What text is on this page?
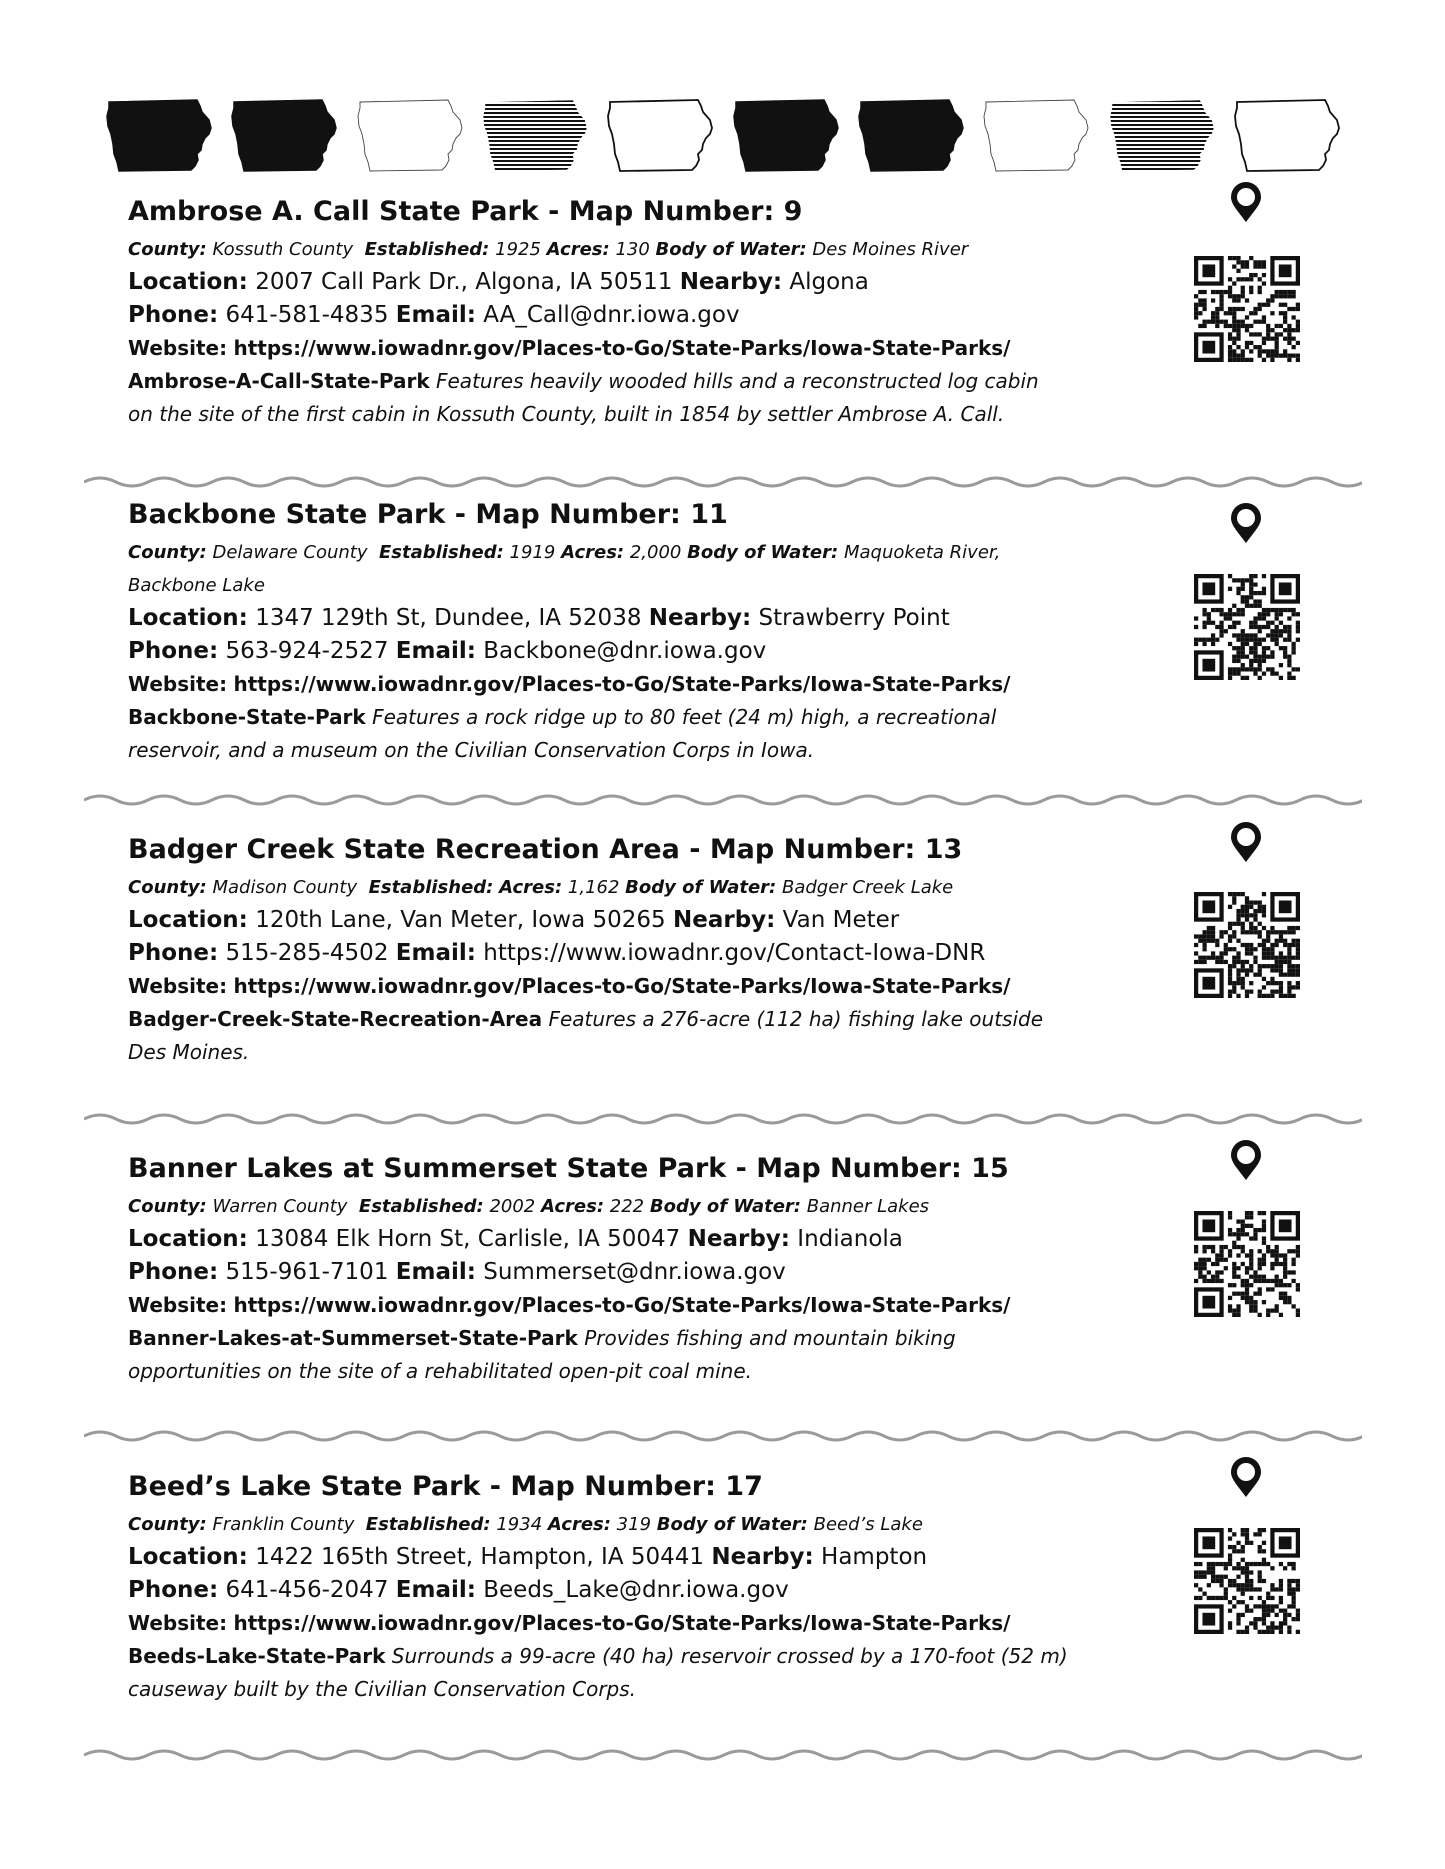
Ambrose A. Call State Park - Map Number: 9
County: Kossuth County Established: 1925 Acres: 130 Body of Water: Des Moines River
Location: 2007 Call Park Dr., Algona, IA 50511 Nearby: Algona
Phone: 641-581-4835 Email: AA_Call@dnr.iowa.gov
Website: https://www.iowadnr.gov/Places-to-Go/State-Parks/Iowa-State-Parks/
Ambrose-A-Call-State-Park Features heavily wooded hills and a reconstructed log cabin
on the site of the first cabin in Kossuth County, built in 1854 by settler Ambrose A. Call.
Backbone State Park - Map Number: 11
County: Delaware County Established: 1919 Acres: 2,000 Body of Water: Maquoketa River,
Backbone Lake
Location: 1347 129th St, Dundee, IA 52038 Nearby: Strawberry Point
Phone: 563-924-2527 Email: Backbone@dnr.iowa.gov
Website: https://www.iowadnr.gov/Places-to-Go/State-Parks/Iowa-State-Parks/
Backbone-State-Park Features a rock ridge up to 80 feet (24 m) high, a recreational
reservoir, and a museum on the Civilian Conservation Corps in Iowa.
Badger Creek State Recreation Area - Map Number: 13
County: Madison County Established: Acres: 1,162 Body of Water: Badger Creek Lake
Location: 120th Lane, Van Meter, Iowa 50265 Nearby: Van Meter
Phone: 515-285-4502 Email: https://www.iowadnr.gov/Contact-Iowa-DNR
Website: https://www.iowadnr.gov/Places-to-Go/State-Parks/Iowa-State-Parks/
Badger-Creek-State-Recreation-Area Features a 276-acre (112 ha) fishing lake outside
Des Moines.
Banner Lakes at Summerset State Park - Map Number: 15
County: Warren County Established: 2002 Acres: 222 Body of Water: Banner Lakes
Location: 13084 Elk Horn St, Carlisle, IA 50047 Nearby: Indianola
Phone: 515-961-7101 Email: Summerset@dnr.iowa.gov
Website: https://www.iowadnr.gov/Places-to-Go/State-Parks/Iowa-State-Parks/
Banner-Lakes-at-Summerset-State-Park Provides fishing and mountain biking
opportunities on the site of a rehabilitated open-pit coal mine.
Beed’s Lake State Park - Map Number: 17
County: Franklin County Established: 1934 Acres: 319 Body of Water: Beed’s Lake
Location: 1422 165th Street, Hampton, IA 50441 Nearby: Hampton
Phone: 641-456-2047 Email: Beeds_Lake@dnr.iowa.gov
Website: https://www.iowadnr.gov/Places-to-Go/State-Parks/Iowa-State-Parks/
Beeds-Lake-State-Park Surrounds a 99-acre (40 ha) reservoir crossed by a 170-foot (52 m)
causeway built by the Civilian Conservation Corps.
